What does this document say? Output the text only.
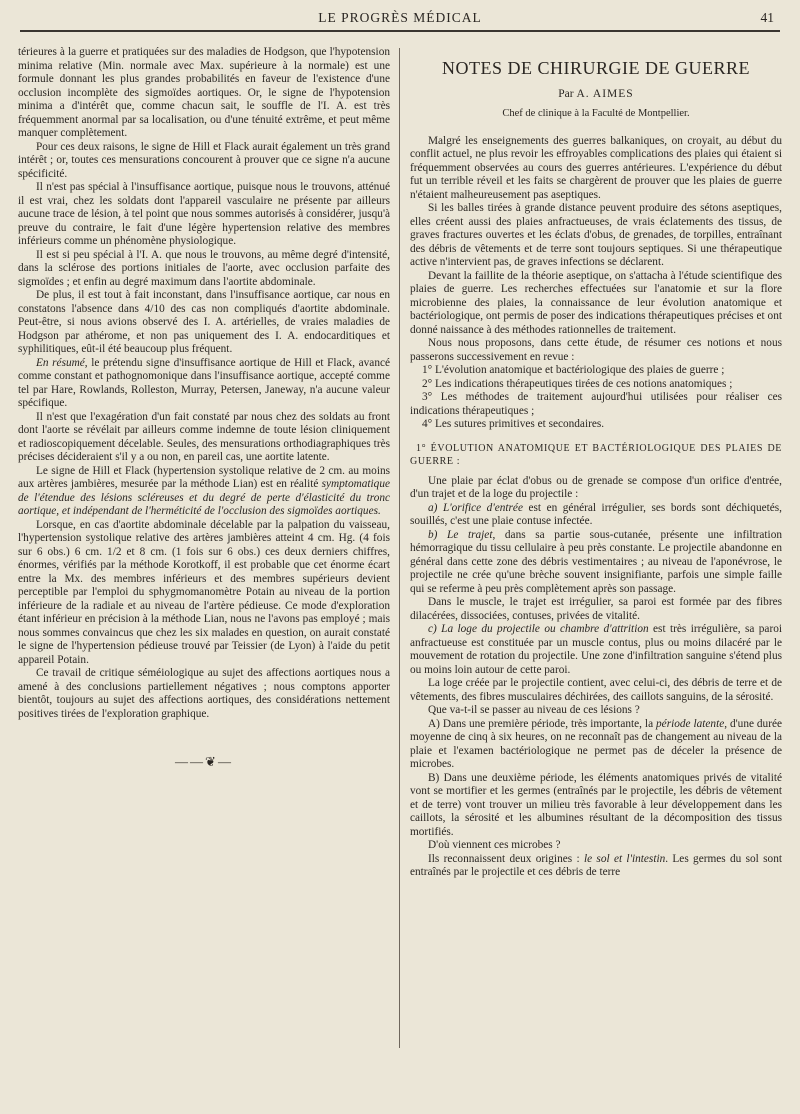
LE PROGRÈS MÉDICAL	41

térieures à la guerre et pratiquées sur des maladies de Hodgson, que l'hypotension minima relative (Min. normale avec Max. supérieure à la normale) est une formule donnant les plus grandes probabilités en faveur de l'existence d'une occlusion incomplète des sigmoïdes aortiques. Or, le signe de l'hypotension minima a d'intérêt que, comme chacun sait, le souffle de l'I. A. est très fréquemment anormal par sa localisation, ou d'une ténuité extrême, et peut même manquer complètement.

Pour ces deux raisons, le signe de Hill et Flack aurait également un très grand intérêt ; or, toutes ces mensurations concourent à prouver que ce signe n'a aucune spécificité.

Il n'est pas spécial à l'insuffisance aortique, puisque nous le trouvons, atténué il est vrai, chez les soldats dont l'appareil vasculaire ne présente par ailleurs aucune trace de lésion, à tel point que nous sommes autorisés à considérer, jusqu'à preuve du contraire, le fait d'une légère hypertension relative des membres inférieurs comme un phénomène physiologique.

Il est si peu spécial à l'I. A. que nous le trouvons, au même degré d'intensité, dans la sclérose des portions initiales de l'aorte, avec occlusion parfaite des sigmoïdes ; et enfin au degré maximum dans l'aortite abdominale.

De plus, il est tout à fait inconstant, dans l'insuffisance aortique, car nous en constatons l'absence dans 4/10 des cas non compliqués d'aortite abdominale. Peut-être, si nous avions observé des I. A. artérielles, de vraies maladies de Hodgson par athérome, et non pas uniquement des I. A. endocarditiques et syphilitiques, eût-il été beaucoup plus fréquent.

En résumé, le prétendu signe d'insuffisance aortique de Hill et Flack, avancé comme constant et pathognomonique dans l'insuffisance aortique, accepté comme tel par Hare, Rowlands, Rolleston, Murray, Petersen, Janeway, n'a aucune valeur spécifique.

Il n'est que l'exagération d'un fait constaté par nous chez des soldats au front dont l'aorte se révélait par ailleurs comme indemne de toute lésion cliniquement et radioscopiquement décelable. Seules, des mensurations orthodiagraphiques très précises décideraient s'il y a ou non, en pareil cas, une aortite latente.

Le signe de Hill et Flack (hypertension systolique relative de 2 cm. au moins aux artères jambières, mesurée par la méthode Lian) est en réalité symptomatique de l'étendue des lésions scléreuses et du degré de perte d'élasticité du tronc aortique, et indépendant de l'herméticité de l'occlusion des sigmoïdes aortiques.

Lorsque, en cas d'aortite abdominale décelable par la palpation du vaisseau, l'hypertension systolique relative des artères jambières atteint 4 cm. Hg. (4 fois sur 6 obs.) 6 cm. 1/2 et 8 cm. (1 fois sur 6 obs.) ces deux derniers chiffres, énormes, vérifiés par la méthode Korotkoff, il est probable que cet énorme écart entre la Mx. des membres inférieurs et des membres supérieurs devient perceptible par l'emploi du sphygmomanomètre Potain au niveau de la portion inférieure de la radiale et au niveau de l'artère pédieuse. Ce mode d'exploration étant inférieur en précision à la méthode Lian, nous ne l'avons pas employé ; mais nous sommes convaincus que chez les six malades en question, on aurait constaté le signe de l'hypertension pédieuse trouvé par Teissier (de Lyon) à l'aide du petit appareil Potain.

Ce travail de critique séméiologique au sujet des affections aortiques nous a amené à des conclusions partiellement négatives ; nous comptons apporter bientôt, toujours au sujet des affections aortiques, des considérations nettement positives tirées de l'exploration graphique.

——❦—
NOTES DE CHIRURGIE DE GUERRE

Par A. AIMES

Chef de clinique à la Faculté de Montpellier.

Malgré les enseignements des guerres balkaniques, on croyait, au début du conflit actuel, ne plus revoir les effroyables complications des plaies qui étaient si fréquemment observées au cours des guerres antérieures. L'expérience du début fut un terrible réveil et les faits se chargèrent de prouver que les plaies de guerre n'étaient malheureusement pas aseptiques.

Si les balles tirées à grande distance peuvent produire des sétons aseptiques, elles créent aussi des plaies anfractueuses, de vrais éclatements des tissus, de graves fractures ouvertes et les éclats d'obus, de grenades, de torpilles, entraînant des débris de vêtements et de terre sont toujours septiques. Si une thérapeutique active n'intervient pas, de graves infections se déclarent.

Devant la faillite de la théorie aseptique, on s'attacha à l'étude scientifique des plaies de guerre. Les recherches effectuées sur l'anatomie et sur la flore microbienne des plaies, la connaissance de leur évolution anatomique et bactériologique, ont permis de poser des indications thérapeutiques précises et ont donné naissance à des méthodes rationnelles de traitement.

Nous nous proposons, dans cette étude, de résumer ces notions et nous passerons successivement en revue :

1° L'évolution anatomique et bactériologique des plaies de guerre ;

2° Les indications thérapeutiques tirées de ces notions anatomiques ;

3° Les méthodes de traitement aujourd'hui utilisées pour réaliser ces indications thérapeutiques ;

4° Les sutures primitives et secondaires.

1° ÉVOLUTION ANATOMIQUE ET BACTÉRIOLOGIQUE DES PLAIES DE GUERRE :

Une plaie par éclat d'obus ou de grenade se compose d'un orifice d'entrée, d'un trajet et de la loge du projectile :

a) L'orifice d'entrée est en général irrégulier, ses bords sont déchiquetés, souillés, c'est une plaie contuse infectée.

b) Le trajet, dans sa partie sous-cutanée, présente une infiltration hémorragique du tissu cellulaire à peu près constante. Le projectile abandonne en général dans cette zone des débris vestimentaires ; au niveau de l'aponévrose, le projectile ne crée qu'une brèche souvent insignifiante, parfois une simple faille qui se referme à peu près complètement après son passage.

Dans le muscle, le trajet est irrégulier, sa paroi est formée par des fibres dilacérées, dissociées, contuses, privées de vitalité.

c) La loge du projectile ou chambre d'attrition est très irrégulière, sa paroi anfractueuse est constituée par un muscle contus, plus ou moins dilacéré par le mouvement de rotation du projectile. Une zone d'infiltration sanguine s'étend plus ou moins loin autour de cette paroi.

La loge créée par le projectile contient, avec celui-ci, des débris de terre et de vêtements, des fibres musculaires déchirées, des caillots sanguins, de la sérosité.

Que va-t-il se passer au niveau de ces lésions ?

A) Dans une première période, très importante, la période latente, d'une durée moyenne de cinq à six heures, on ne reconnaît pas de changement au niveau de la plaie et l'examen bactériologique ne permet pas de déceler la présence de microbes.

B) Dans une deuxième période, les éléments anatomiques privés de vitalité vont se mortifier et les germes (entraînés par le projectile, les débris de vêtement et de terre) vont trouver un milieu très favorable à leur développement dans les caillots, la sérosité et les albumines résultant de la décomposition des tissus mortifiés.

D'où viennent ces microbes ?

Ils reconnaissent deux origines : le sol et l'intestin. Les germes du sol sont entraînés par le projectile et ces débris de terre
